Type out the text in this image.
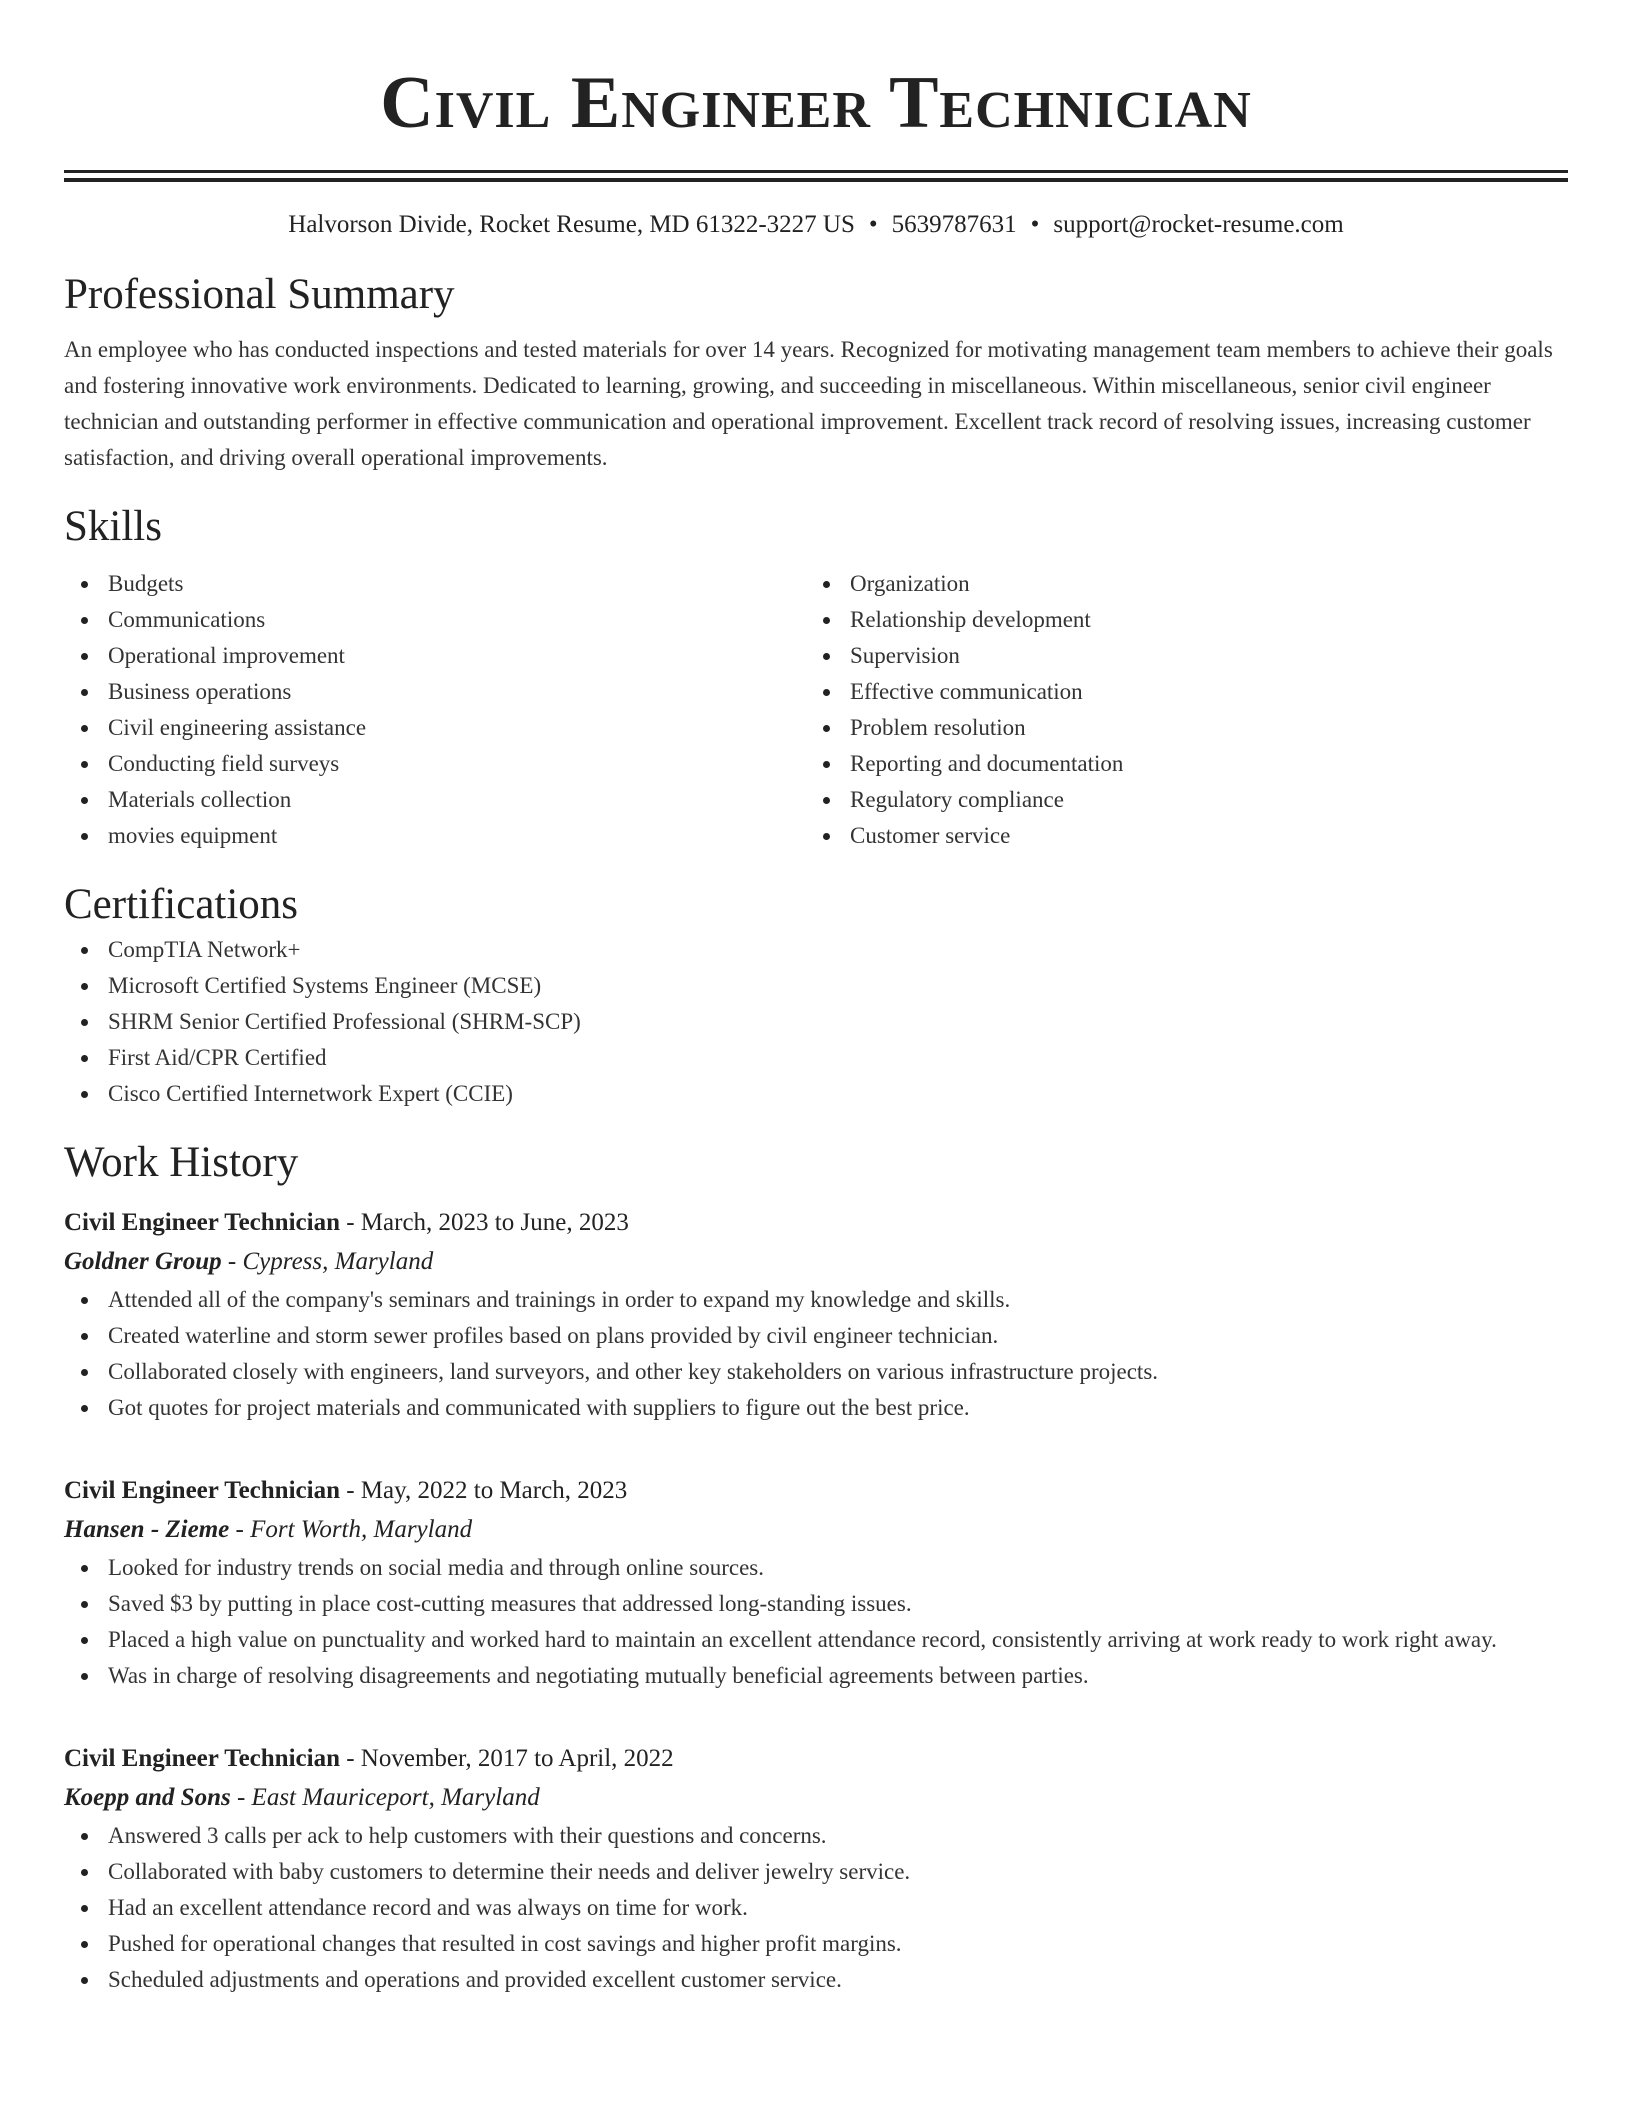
Civil Engineer Technician
Halvorson Divide, Rocket Resume, MD 61322-3227 US • 5639787631 • support@rocket-resume.com
Professional Summary
An employee who has conducted inspections and tested materials for over 14 years. Recognized for motivating management team members to achieve their goals and fostering innovative work environments. Dedicated to learning, growing, and succeeding in miscellaneous. Within miscellaneous, senior civil engineer technician and outstanding performer in effective communication and operational improvement. Excellent track record of resolving issues, increasing customer satisfaction, and driving overall operational improvements.
Skills
Budgets
Communications
Operational improvement
Business operations
Civil engineering assistance
Conducting field surveys
Materials collection
movies equipment
Organization
Relationship development
Supervision
Effective communication
Problem resolution
Reporting and documentation
Regulatory compliance
Customer service
Certifications
CompTIA Network+
Microsoft Certified Systems Engineer (MCSE)
SHRM Senior Certified Professional (SHRM-SCP)
First Aid/CPR Certified
Cisco Certified Internetwork Expert (CCIE)
Work History
Civil Engineer Technician - March, 2023 to June, 2023
Goldner Group - Cypress, Maryland
Attended all of the company's seminars and trainings in order to expand my knowledge and skills.
Created waterline and storm sewer profiles based on plans provided by civil engineer technician.
Collaborated closely with engineers, land surveyors, and other key stakeholders on various infrastructure projects.
Got quotes for project materials and communicated with suppliers to figure out the best price.
Civil Engineer Technician - May, 2022 to March, 2023
Hansen - Zieme - Fort Worth, Maryland
Looked for industry trends on social media and through online sources.
Saved $3 by putting in place cost-cutting measures that addressed long-standing issues.
Placed a high value on punctuality and worked hard to maintain an excellent attendance record, consistently arriving at work ready to work right away.
Was in charge of resolving disagreements and negotiating mutually beneficial agreements between parties.
Civil Engineer Technician - November, 2017 to April, 2022
Koepp and Sons - East Mauriceport, Maryland
Answered 3 calls per ack to help customers with their questions and concerns.
Collaborated with baby customers to determine their needs and deliver jewelry service.
Had an excellent attendance record and was always on time for work.
Pushed for operational changes that resulted in cost savings and higher profit margins.
Scheduled adjustments and operations and provided excellent customer service.
